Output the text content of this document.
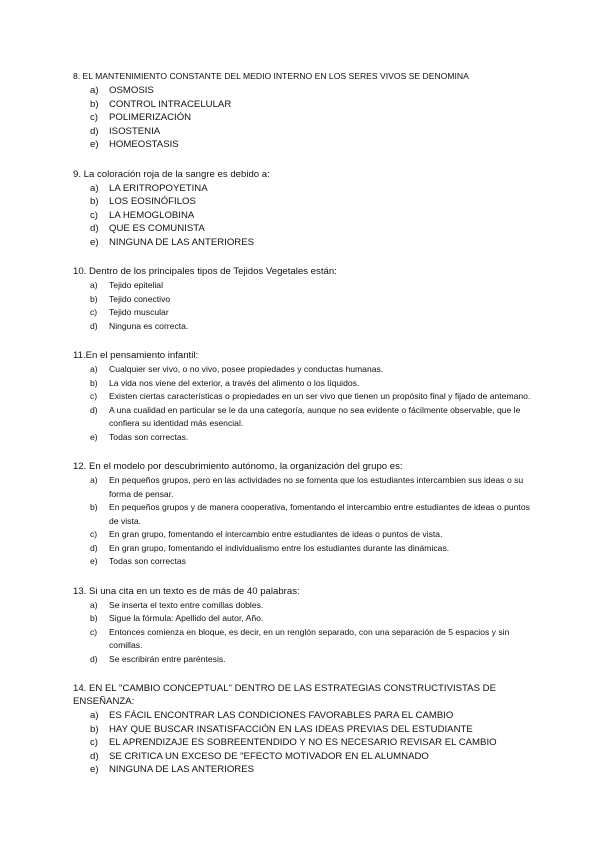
8. EL MANTENIMIENTO CONSTANTE DEL MEDIO INTERNO EN LOS SERES VIVOS SE DENOMINA
a)	OSMOSIS
b)	CONTROL INTRACELULAR
c)	POLIMERIZACIÓN
d)	ISOSTENIA
e)	HOMEOSTASIS
9. La coloración roja de la sangre es debido a:
a)	LA ERITROPOYETINA
b)	LOS EOSINÓFILOS
c)	LA HEMOGLOBINA
d)	QUE ES COMUNISTA
e)	NINGUNA DE LAS ANTERIORES
10. Dentro de los principales tipos de Tejidos Vegetales están:
a)	Tejido epitelial
b)	Tejido conectivo
c)	Tejido muscular
d)	Ninguna es correcta.
11.En el pensamiento infantil:
a)	Cualquier ser vivo, o no vivo, posee propiedades y conductas humanas.
b)	La vida nos viene del exterior, a través del alimento o los líquidos.
c)	Existen ciertas características o propiedades en un ser vivo que tienen un propósito final y fijado de antemano.
d)	A una cualidad en particular se le da una categoría, aunque no sea evidente o fácilmente observable, que le confiera su identidad más esencial.
e)	Todas son correctas.
12. En el modelo por descubrimiento autónomo, la organización del grupo es:
a)	En pequeños grupos, pero en las actividades no se fomenta que los estudiantes intercambien sus ideas o su forma de pensar.
b)	En pequeños grupos y de manera cooperativa, fomentando el intercambio entre estudiantes de ideas o puntos de vista.
c)	En gran grupo, fomentando el intercambio entre estudiantes de ideas o puntos de vista.
d)	En gran grupo, fomentando el individualismo entre los estudiantes durante las dinámicas.
e)	Todas son correctas
13. Si una cita en un texto es de más de 40 palabras:
a)	Se inserta el texto entre comillas dobles.
b)	Sigue la fórmula: Apellido del autor, Año.
c)	Entonces comienza en bloque, es decir, en un renglón separado, con una separación de 5 espacios y sin comillas.
d)	Se escribirán entre paréntesis.
14. EN EL "CAMBIO CONCEPTUAL" DENTRO DE LAS ESTRATEGIAS CONSTRUCTIVISTAS DE ENSEÑANZA:
a)	ES FÁCIL ENCONTRAR LAS CONDICIONES FAVORABLES PARA EL CAMBIO
b)	HAY QUE BUSCAR INSATISFACCIÓN EN LAS IDEAS PREVIAS DEL ESTUDIANTE
c)	EL APRENDIZAJE ES SOBREENTENDIDO Y NO ES NECESARIO REVISAR EL CAMBIO
d)	SE CRITICA UN EXCESO DE "EFECTO MOTIVADOR EN EL ALUMNADO
e)	NINGUNA DE LAS ANTERIORES
